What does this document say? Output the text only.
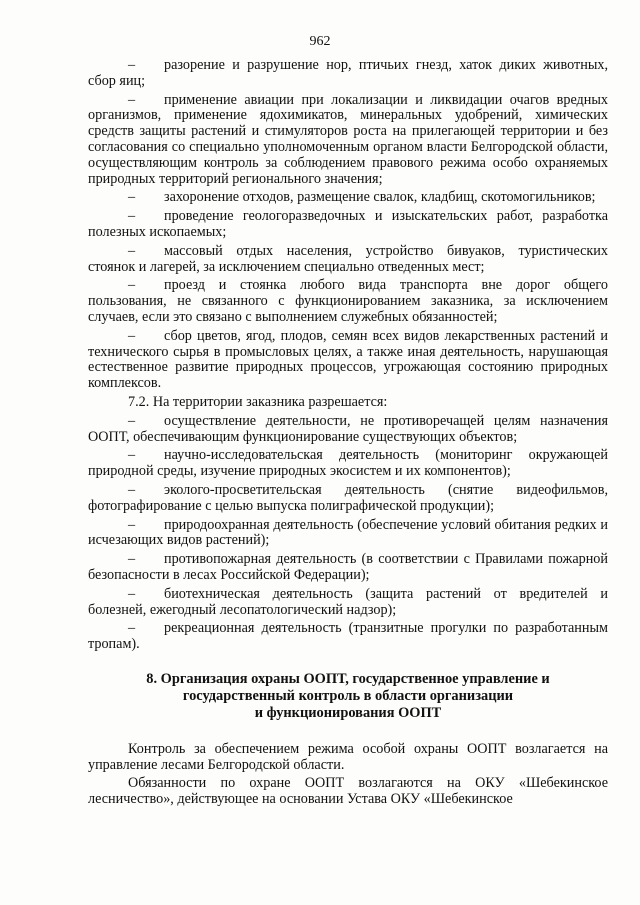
962

– разорение и разрушение нор, птичьих гнезд, хаток диких животных, сбор яиц;

– применение авиации при локализации и ликвидации очагов вредных организмов, применение ядохимикатов, минеральных удобрений, химических средств защиты растений и стимуляторов роста на прилегающей территории и без согласования со специально уполномоченным органом власти Белгородской области, осуществляющим контроль за соблюдением правового режима особо охраняемых природных территорий регионального значения;

– захоронение отходов, размещение свалок, кладбищ, скотомогильников;

– проведение геологоразведочных и изыскательских работ, разработка полезных ископаемых;

– массовый отдых населения, устройство бивуаков, туристических стоянок и лагерей, за исключением специально отведенных мест;

– проезд и стоянка любого вида транспорта вне дорог общего пользования, не связанного с функционированием заказника, за исключением случаев, если это связано с выполнением служебных обязанностей;

– сбор цветов, ягод, плодов, семян всех видов лекарственных растений и технического сырья в промысловых целях, а также иная деятельность, нарушающая естественное развитие природных процессов, угрожающая состоянию природных комплексов.

7.2. На территории заказника разрешается:

– осуществление деятельности, не противоречащей целям назначения ООПТ, обеспечивающим функционирование существующих объектов;

– научно-исследовательская деятельность (мониторинг окружающей природной среды, изучение природных экосистем и их компонентов);

– эколого-просветительская деятельность (снятие видеофильмов, фотографирование с целью выпуска полиграфической продукции);

– природоохранная деятельность (обеспечение условий обитания редких и исчезающих видов растений);

– противопожарная деятельность (в соответствии с Правилами пожарной безопасности в лесах Российской Федерации);

– биотехническая деятельность (защита растений от вредителей и болезней, ежегодный лесопатологический надзор);

– рекреационная деятельность (транзитные прогулки по разработанным тропам).

8. Организация охраны ООПТ, государственное управление и
государственный контроль в области организации
и функционирования ООПТ

Контроль за обеспечением режима особой охраны ООПТ возлагается на управление лесами Белгородской области.

Обязанности по охране ООПТ возлагаются на ОКУ «Шебекинское лесничество», действующее на основании Устава ОКУ «Шебекинское
